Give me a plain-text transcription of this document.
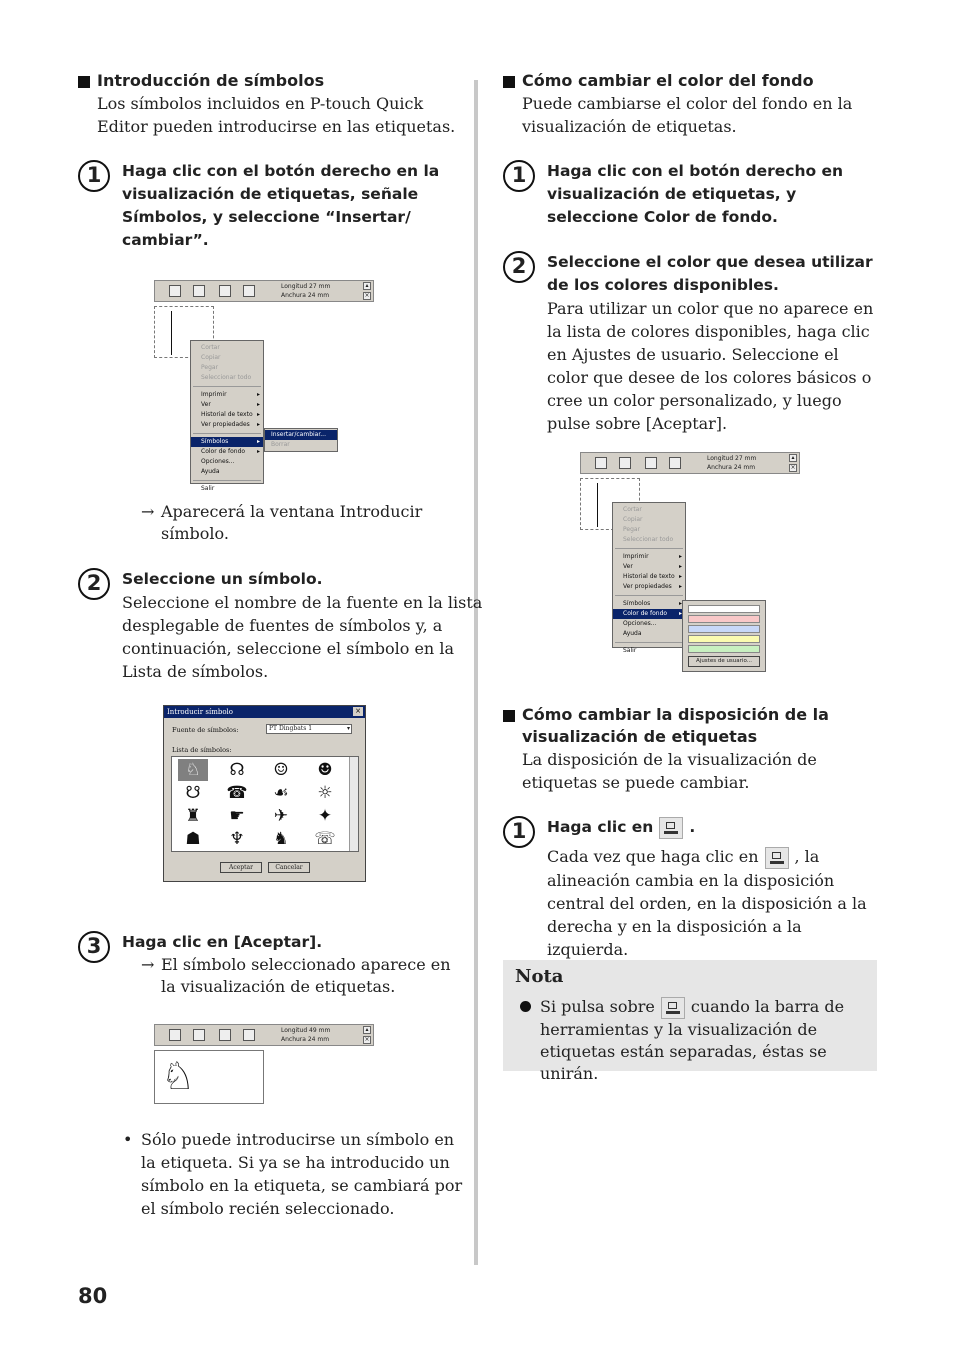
Introducción de símbolos
Los símbolos incluidos en P-touch Quick Editor pueden introducirse en las etiquetas.
1	Haga clic con el botón derecho en la visualización de etiquetas, señale Símbolos, y seleccione “Insertar/ cambiar”.
Longitud 27 mm
Anchura 24 mm
▴
×
Cortar
Copiar
Pegar
Seleccionar todo
Imprimir	▸
Ver	▸
Historial de texto ▸
Ver propiedades ▸
Símbolos	▸
Color de fondo ▸
Opciones...
Ayuda
Salir
Insertar/cambiar...
Borrar
→ Aparecerá la ventana Introducir símbolo.
2	Seleccione un símbolo.
Seleccione el nombre de la fuente en la lista desplegable de fuentes de símbolos y, a continuación, seleccione el símbolo en la Lista de símbolos.
Introducir símbolo	×
Fuente de símbolos:	PT Dingbats 1	▾
Lista de símbolos:
♘	☊	☺	☻
☋	☎	☙	☼
♜	☛	✈	✦
☗	♆	♞	☏
Aceptar	Cancelar
3	Haga clic en [Aceptar].
→ El símbolo seleccionado aparece en la visualización de etiquetas.
Longitud 49 mm
Anchura 24 mm
▴
×
♘
• Sólo puede introducirse un símbolo en la etiqueta. Si ya se ha introducido un símbolo en la etiqueta, se cambiará por el símbolo recién seleccionado.
Cómo cambiar el color del fondo
Puede cambiarse el color del fondo en la visualización de etiquetas.
1	Haga clic con el botón derecho en visualización de etiquetas, y seleccione Color de fondo.
2	Seleccione el color que desea utilizar de los colores disponibles.
Para utilizar un color que no aparece en la lista de colores disponibles, haga clic en Ajustes de usuario. Seleccione el color que desee de los colores básicos o cree un color personalizado, y luego pulse sobre [Aceptar].
Longitud 27 mm
Anchura 24 mm
▴
×
Cortar
Copiar
Pegar
Seleccionar todo
Imprimir	▸
Ver	▸
Historial de texto ▸
Ver propiedades ▸
Símbolos	▸
Color de fondo ▸
Opciones...
Ayuda
Salir
Ajustes de usuario...
Cómo cambiar la disposición de la visualización de etiquetas
La disposición de la visualización de etiquetas se puede cambiar.
1	Haga clic en .
Cada vez que haga clic en , la alineación cambia en la disposición central del orden, en la disposición a la derecha y en la disposición a la izquierda.
Nota
Si pulsa sobre cuando la barra de herramientas y la visualización de etiquetas están separadas, éstas se unirán.
80
